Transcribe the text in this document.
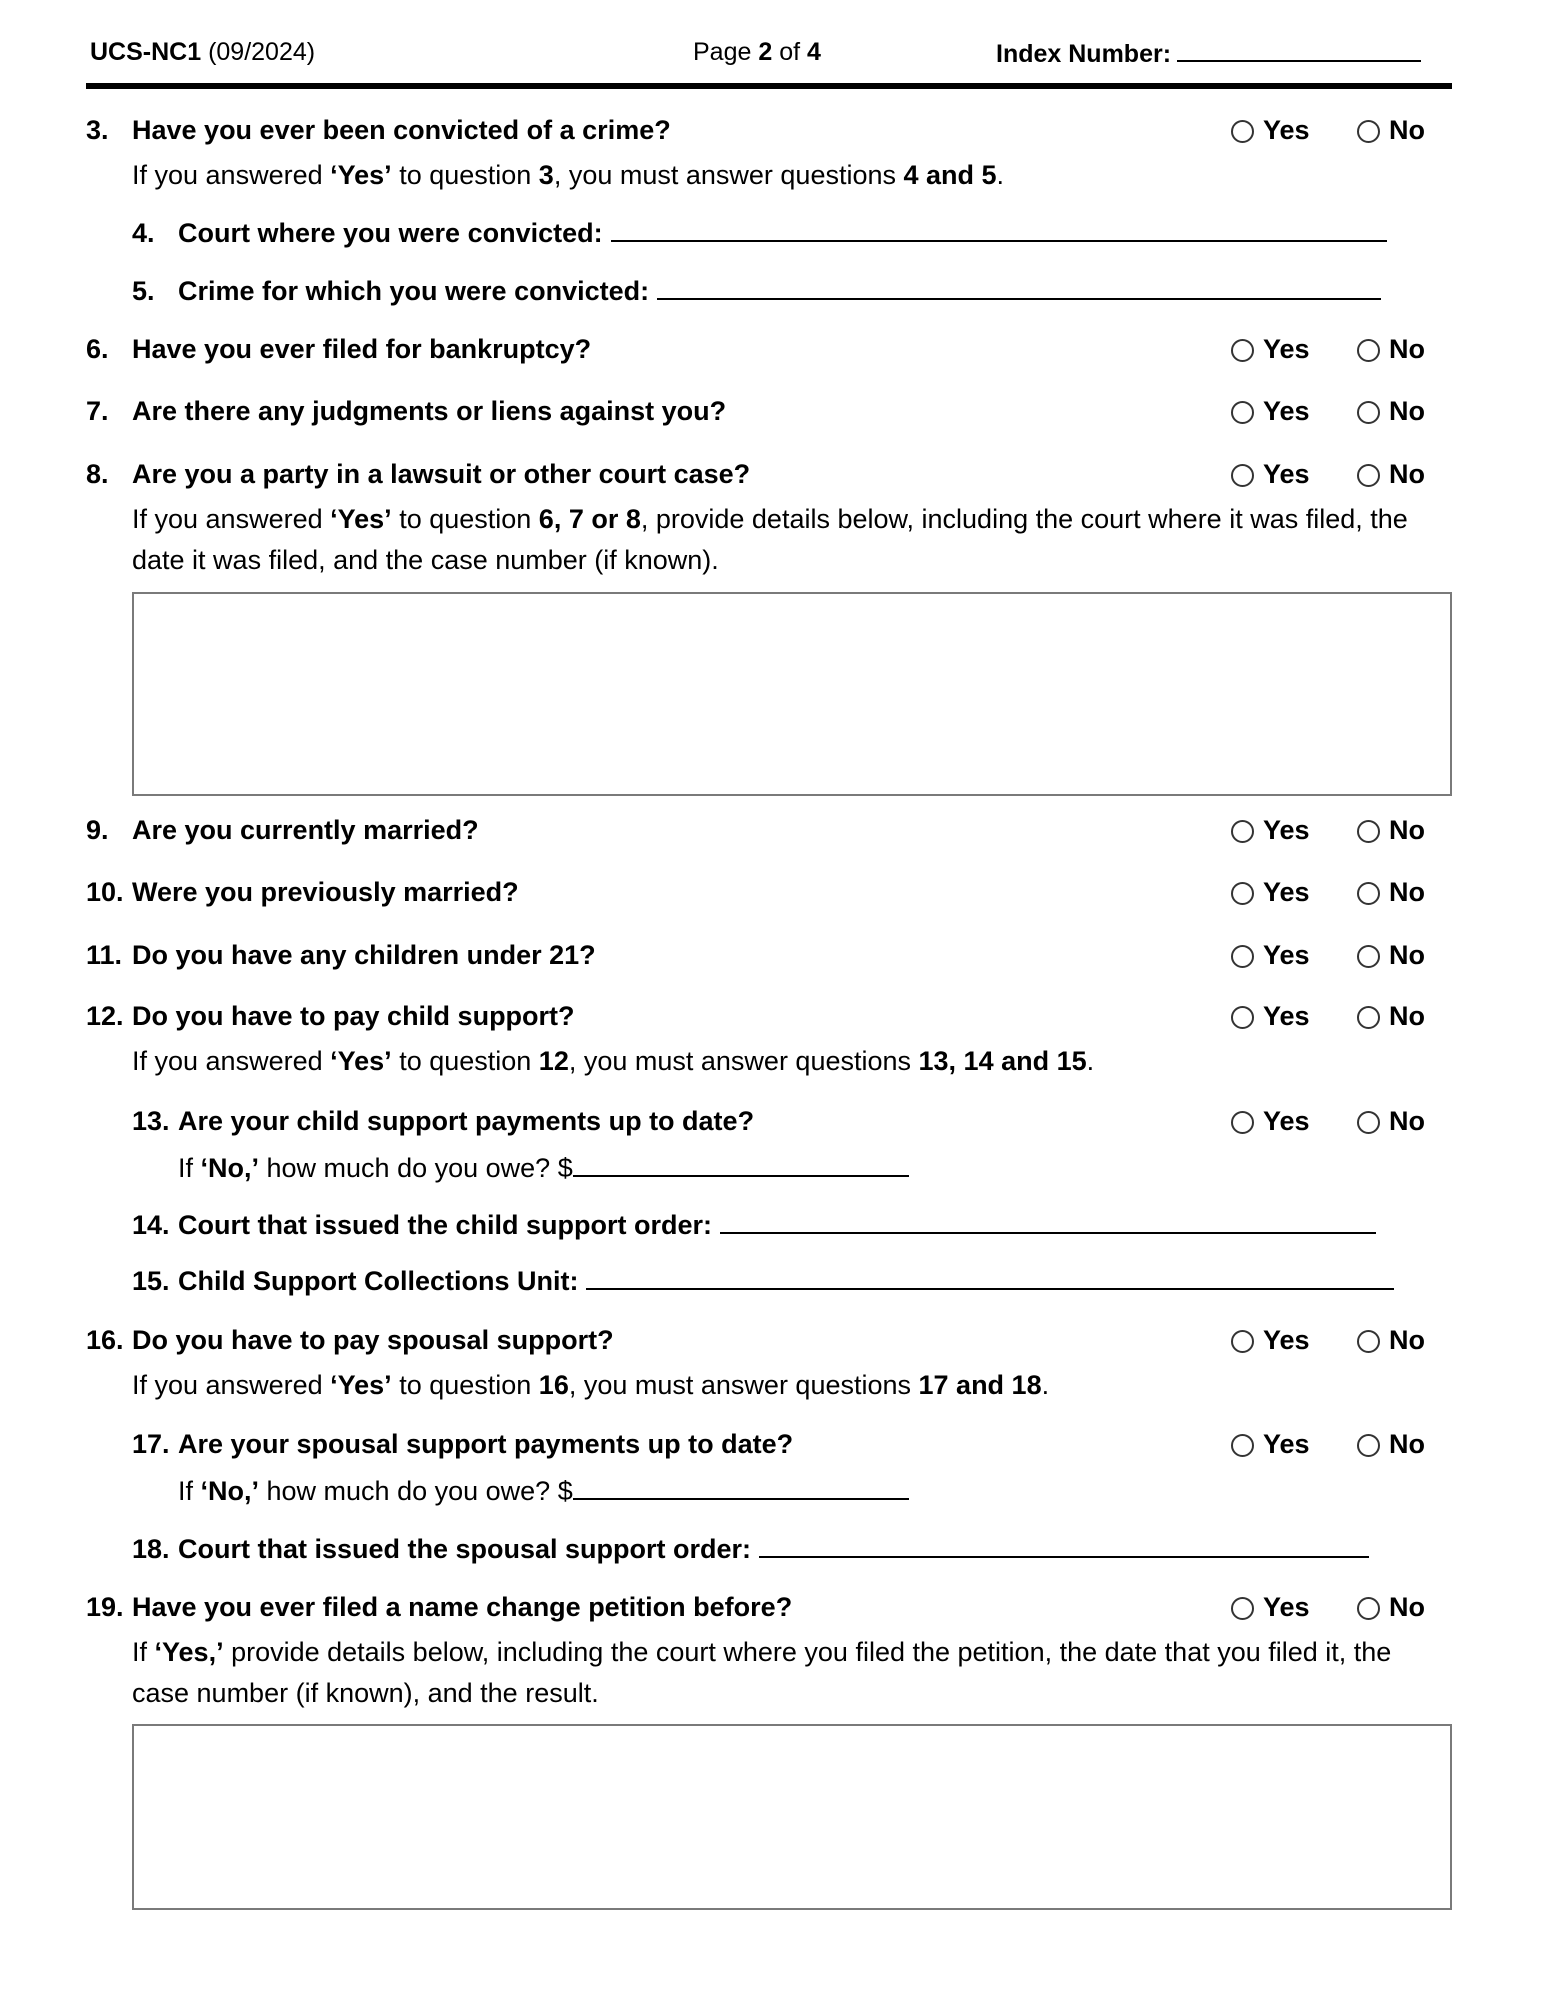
UCS-NC1 (09/2024)	Page 2 of 4	Index Number:
3. Have you ever been convicted of a crime?	Yes	No
If you answered ‘Yes’ to question 3, you must answer questions 4 and 5.
4. Court where you were convicted:
5. Crime for which you were convicted:
6. Have you ever filed for bankruptcy?	Yes	No
7. Are there any judgments or liens against you?	Yes	No
8. Are you a party in a lawsuit or other court case?	Yes	No
If you answered ‘Yes’ to question 6, 7 or 8, provide details below, including the court where it was filed, the date it was filed, and the case number (if known).
9. Are you currently married?	Yes	No
10. Were you previously married?	Yes	No
11. Do you have any children under 21?	Yes	No
12. Do you have to pay child support?	Yes	No
If you answered ‘Yes’ to question 12, you must answer questions 13, 14 and 15.
13. Are your child support payments up to date?	Yes	No
If ‘No,’ how much do you owe? $
14. Court that issued the child support order:
15. Child Support Collections Unit:
16. Do you have to pay spousal support?	Yes	No
If you answered ‘Yes’ to question 16, you must answer questions 17 and 18.
17. Are your spousal support payments up to date?	Yes	No
If ‘No,’ how much do you owe? $
18. Court that issued the spousal support order:
19. Have you ever filed a name change petition before?	Yes	No
If ‘Yes,’ provide details below, including the court where you filed the petition, the date that you filed it, the case number (if known), and the result.
